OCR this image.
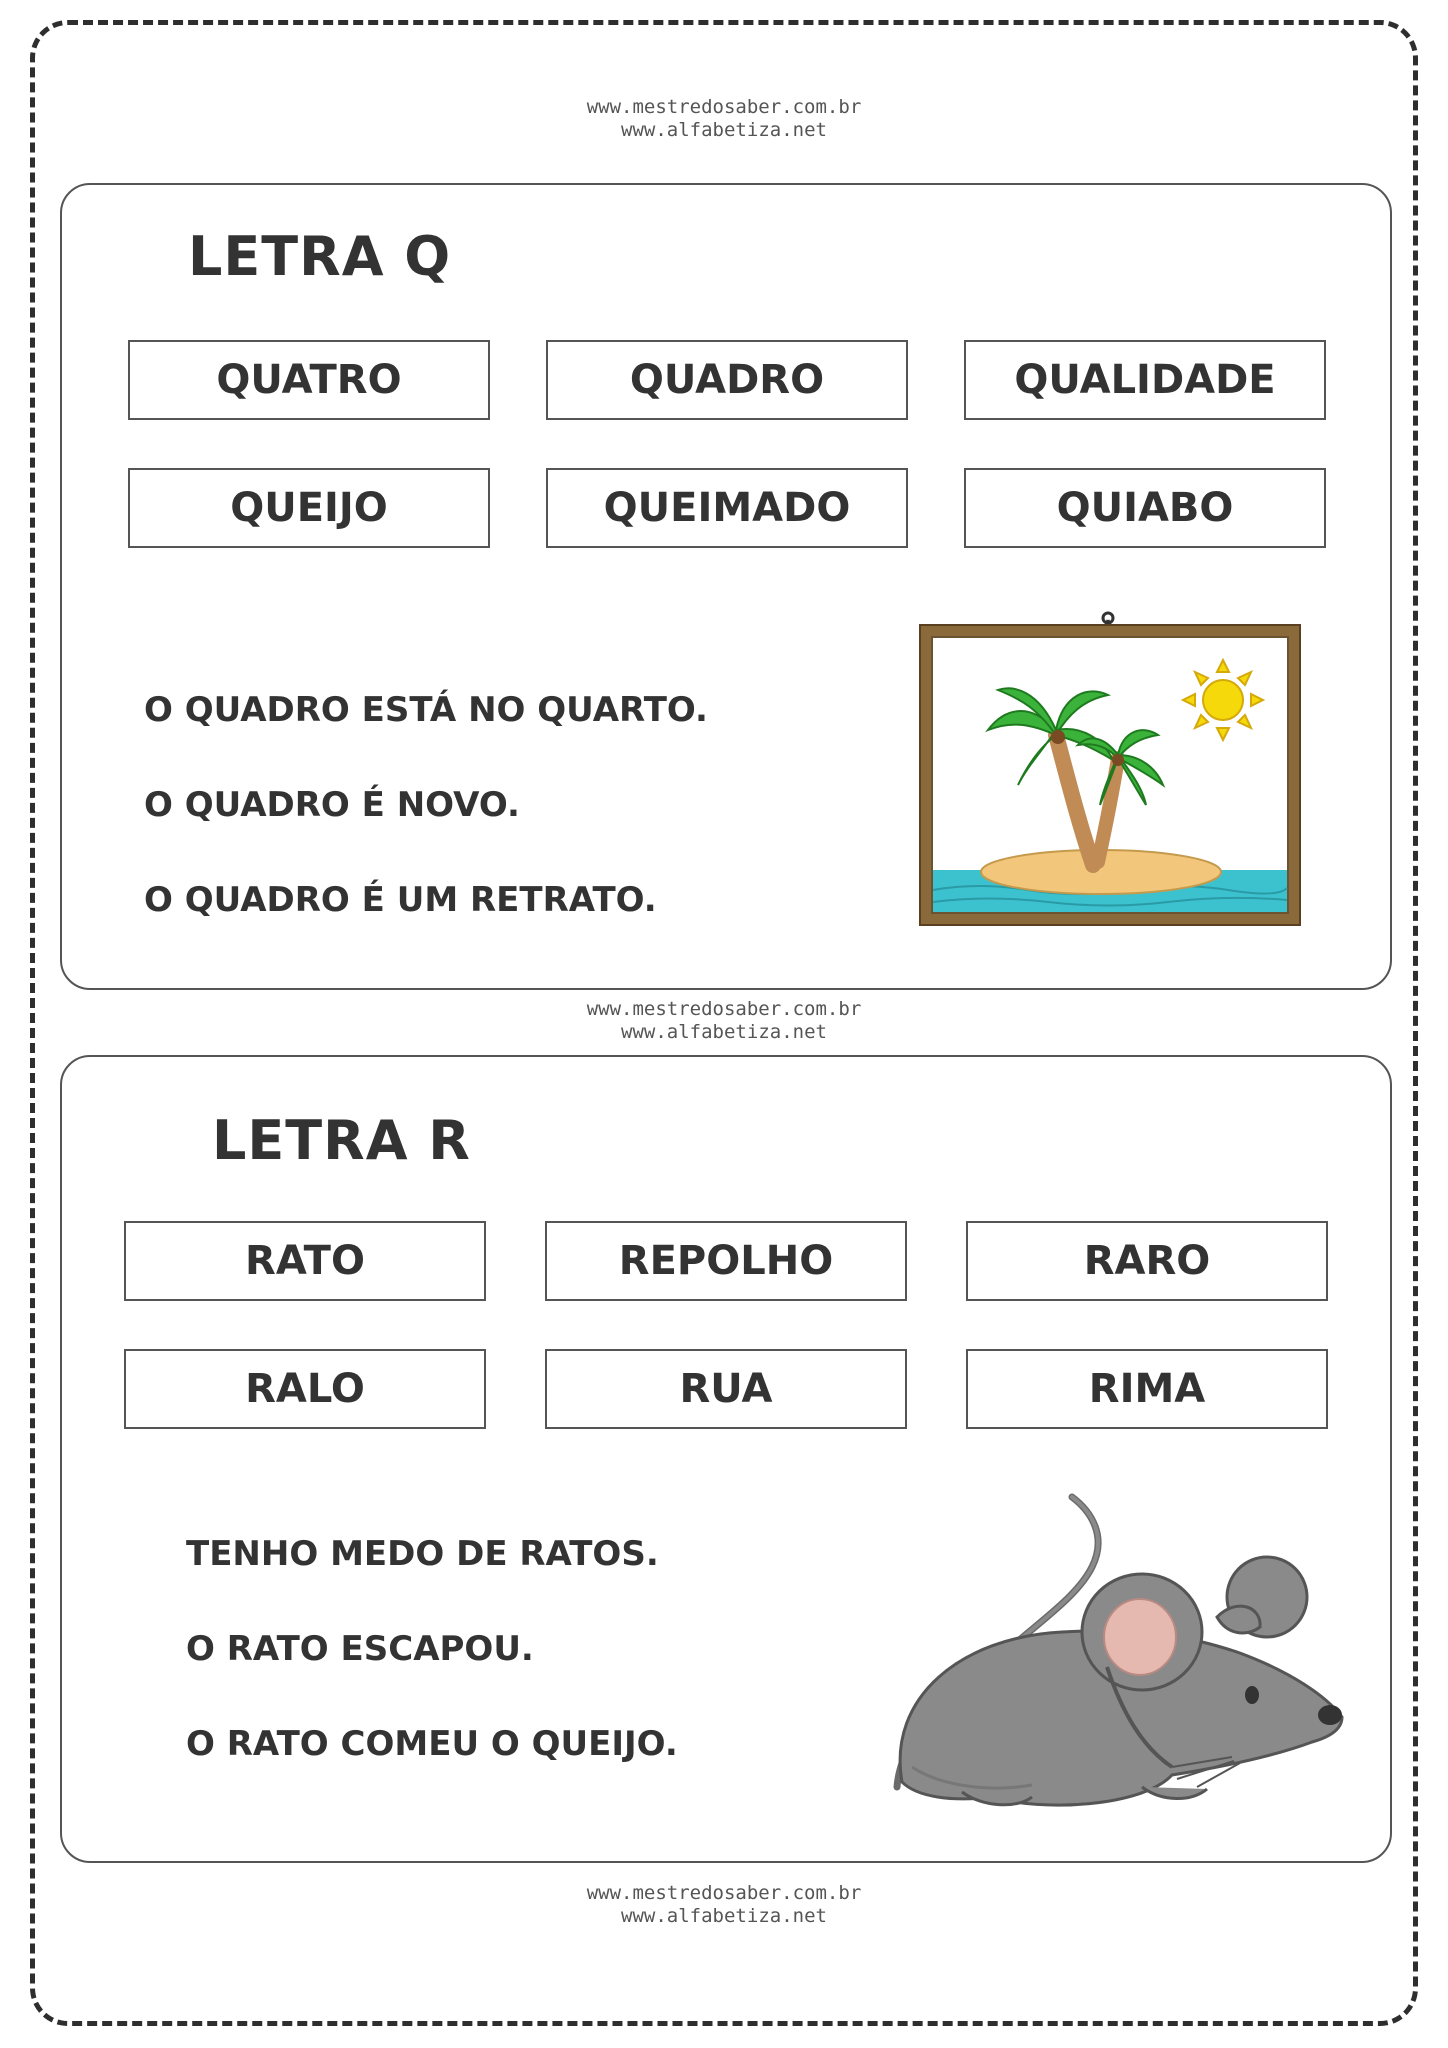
www.mestredosaber.com.br
www.alfabetiza.net
LETRA Q
QUATRO	QUADRO	QUALIDADE
QUEIJO	QUEIMADO	QUIABO
O QUADRO ESTÁ NO QUARTO.
O QUADRO É NOVO.
O QUADRO É UM RETRATO.
www.mestredosaber.com.br
www.alfabetiza.net
LETRA R
RATO	REPOLHO	RARO
RALO	RUA	RIMA
TENHO MEDO DE RATOS.
O RATO ESCAPOU.
O RATO COMEU O QUEIJO.
www.mestredosaber.com.br
www.alfabetiza.net
